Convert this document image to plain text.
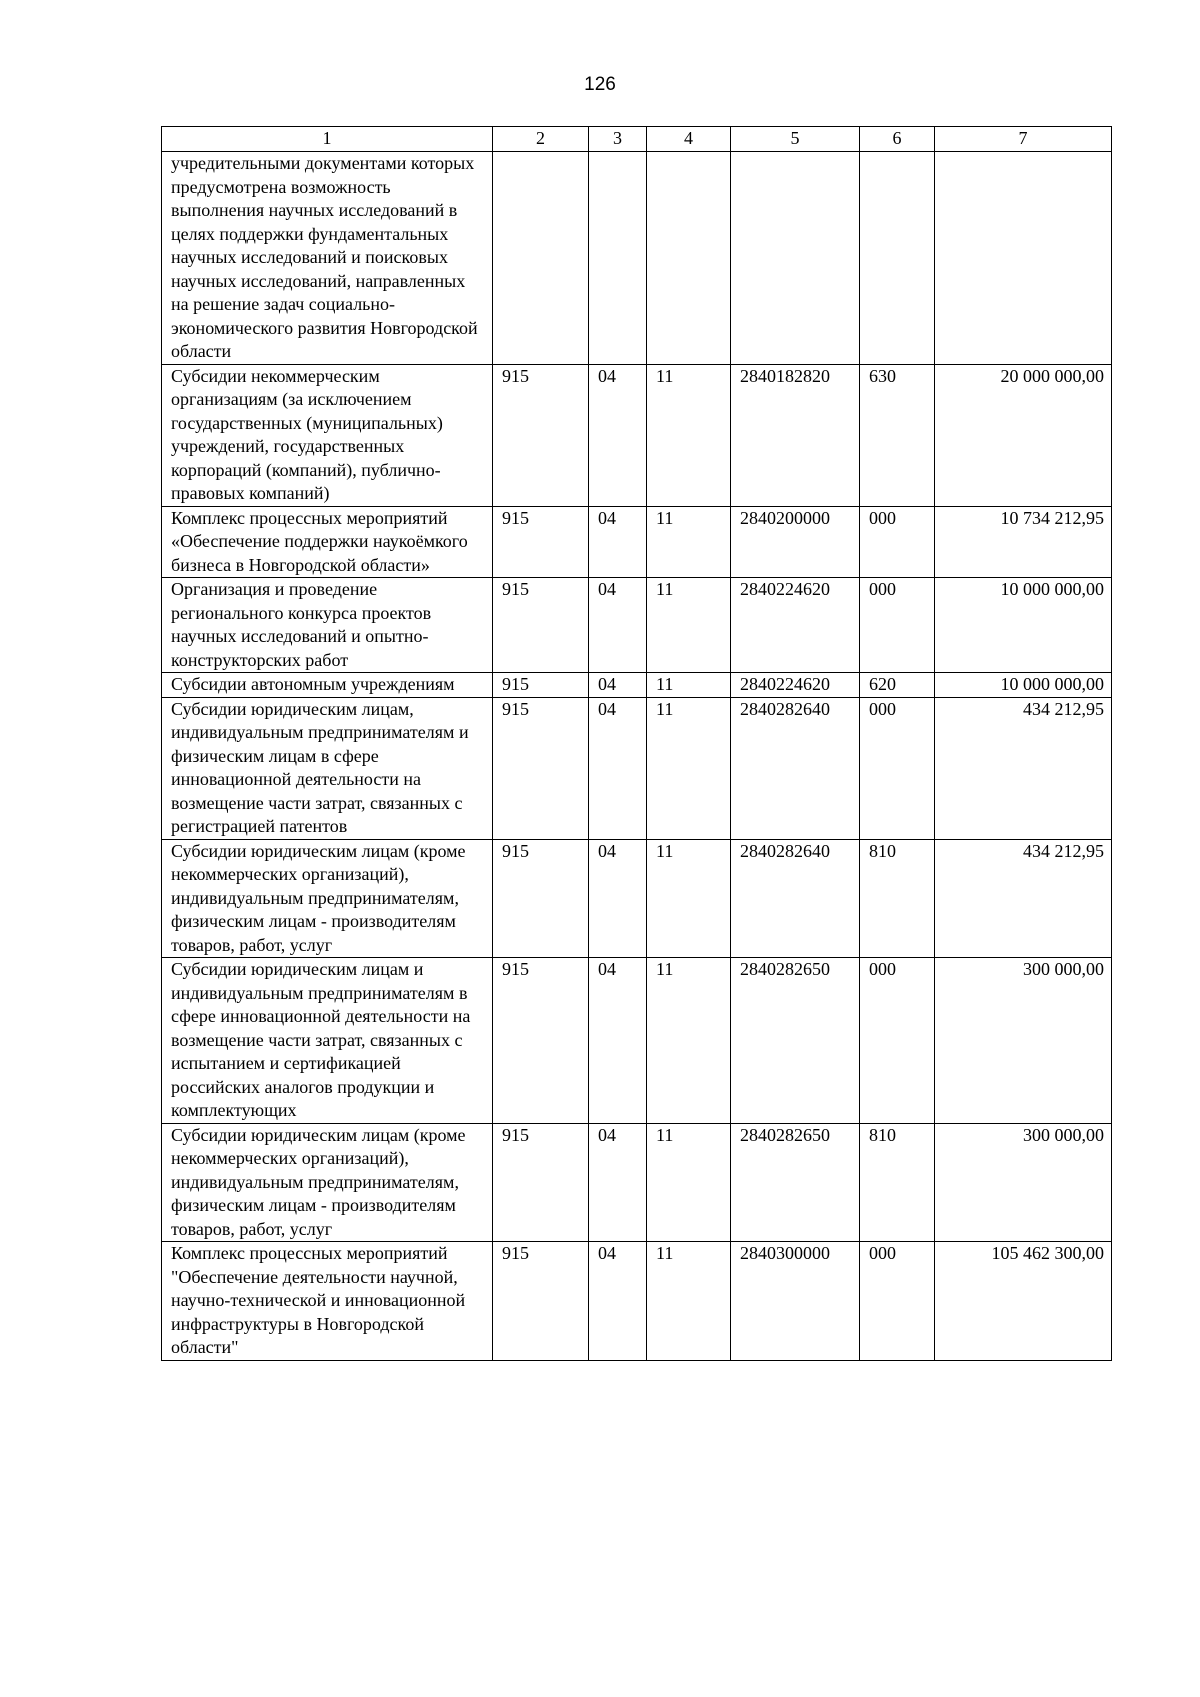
126
1	2	3	4	5	6	7
учредительными документами которых предусмотрена возможность выполнения научных исследований в целях поддержки фундаментальных научных исследований и поисковых научных исследований, направленных на решение задач социально-экономического развития Новгородской области						
Субсидии некоммерческим организациям (за исключением государственных (муниципальных) учреждений, государственных корпораций (компаний), публично-правовых компаний)	915	04	11	2840182820	630	20 000 000,00
Комплекс процессных мероприятий «Обеспечение поддержки наукоёмкого бизнеса в Новгородской области»	915	04	11	2840200000	000	10 734 212,95
Организация и проведение регионального конкурса проектов научных исследований и опытно-конструкторских работ	915	04	11	2840224620	000	10 000 000,00
Субсидии автономным учреждениям	915	04	11	2840224620	620	10 000 000,00
Субсидии юридическим лицам, индивидуальным предпринимателям и физическим лицам в сфере инновационной деятельности на возмещение части затрат, связанных с регистрацией патентов	915	04	11	2840282640	000	434 212,95
Субсидии юридическим лицам (кроме некоммерческих организаций), индивидуальным предпринимателям, физическим лицам - производителям товаров, работ, услуг	915	04	11	2840282640	810	434 212,95
Субсидии юридическим лицам и индивидуальным предпринимателям в сфере инновационной деятельности на возмещение части затрат, связанных с испытанием и сертификацией российских аналогов продукции и комплектующих	915	04	11	2840282650	000	300 000,00
Субсидии юридическим лицам (кроме некоммерческих организаций), индивидуальным предпринимателям, физическим лицам - производителям товаров, работ, услуг	915	04	11	2840282650	810	300 000,00
Комплекс процессных мероприятий "Обеспечение деятельности научной, научно-технической и инновационной инфраструктуры в Новгородской области"	915	04	11	2840300000	000	105 462 300,00
